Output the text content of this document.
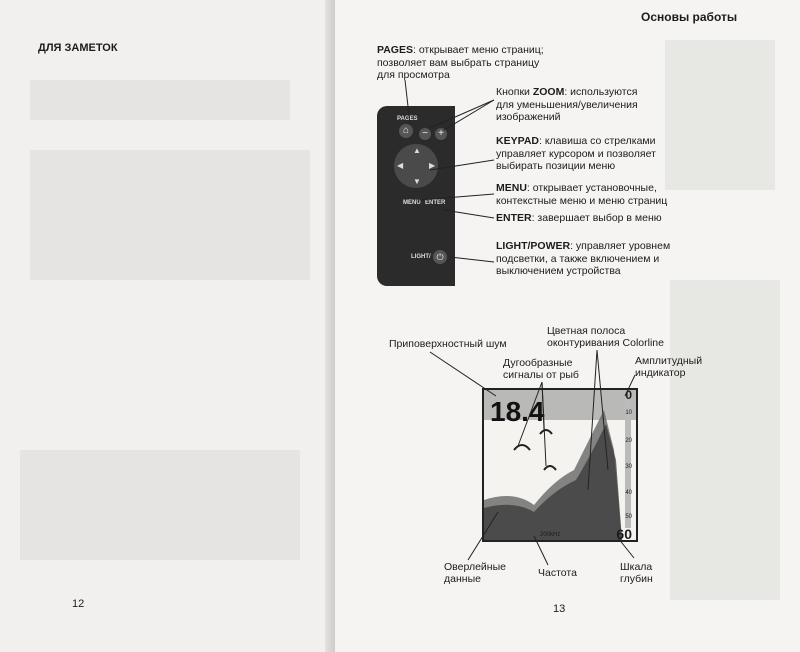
ДЛЯ ЗАМЕТОК
12
Основы работы
PAGES: открывает меню страниц;
позволяет вам выбрать страницу
для просмотра
Кнопки ZOOM: используются
для уменьшения/увеличения
изображений
KEYPAD: клавиша со стрелками
управляет курсором и позволяет
выбирать позиции меню
MENU: открывает установочные,
контекстные меню и меню страниц
ENTER: завершает выбор в меню
LIGHT/POWER: управляет уровнем
подсветки, а также включением и
выключением устройства
PAGES
⌂	−	+
▲
▼
◀	▶
MENU ENTER
LIGHT/ ⏻
Приповерхностный шум
Цветная полоса
оконтуривания Colorline
Дугообразные
сигналы от рыб
Амплитудный
индикатор
Оверлейные
данные	Частота	Шкала
глубин
18.4
0
10
20
30
40
50
60
200kHz
13
